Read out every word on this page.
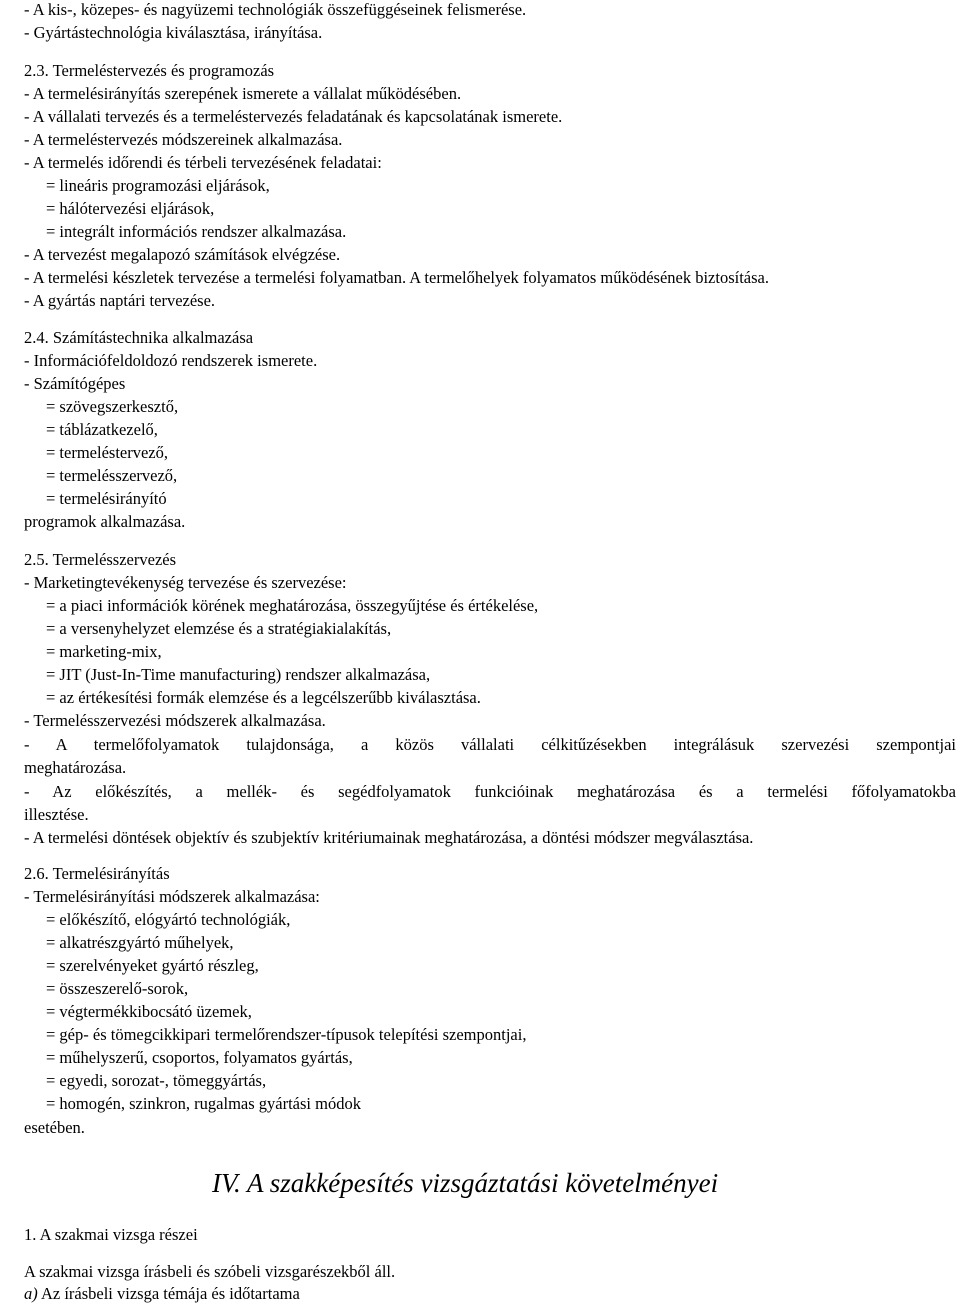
- A kis-, közepes- és nagyüzemi technológiák összefüggéseinek felismerése.
- Gyártástechnológia kiválasztása, irányítása.
2.3. Termeléstervezés és programozás
- A termelésirányítás szerepének ismerete a vállalat működésében.
- A vállalati tervezés és a termeléstervezés feladatának és kapcsolatának ismerete.
- A termeléstervezés módszereinek alkalmazása.
- A termelés időrendi és térbeli tervezésének feladatai:
= lineáris programozási eljárások,
= hálótervezési eljárások,
= integrált információs rendszer alkalmazása.
- A tervezést megalapozó számítások elvégzése.
- A termelési készletek tervezése a termelési folyamatban. A termelőhelyek folyamatos működésének biztosítása.
- A gyártás naptári tervezése.
2.4. Számítástechnika alkalmazása
- Információfeldoldozó rendszerek ismerete.
- Számítógépes
= szövegszerkesztő,
= táblázatkezelő,
= termeléstervező,
= termelésszervező,
= termelésirányító
programok alkalmazása.
2.5. Termelésszervezés
- Marketingtevékenység tervezése és szervezése:
= a piaci információk körének meghatározása, összegyűjtése és értékelése,
= a versenyhelyzet elemzése és a stratégiakialakítás,
= marketing-mix,
= JIT (Just-In-Time manufacturing) rendszer alkalmazása,
= az értékesítési formák elemzése és a legcélszerűbb kiválasztása.
- Termelésszervezési módszerek alkalmazása.
- A termelőfolyamatok tulajdonsága, a közös vállalati célkitűzésekben integrálásuk szervezési szempontjai
meghatározása.
- Az előkészítés, a mellék- és segédfolyamatok funkcióinak meghatározása és a termelési főfolyamatokba
illesztése.
- A termelési döntések objektív és szubjektív kritériumainak meghatározása, a döntési módszer megválasztása.
2.6. Termelésirányítás
- Termelésirányítási módszerek alkalmazása:
= előkészítő, elógyártó technológiák,
= alkatrészgyártó műhelyek,
= szerelvényeket gyártó részleg,
= összeszerelő-sorok,
= végtermékkibocsátó üzemek,
= gép- és tömegcikkipari termelőrendszer-típusok telepítési szempontjai,
= műhelyszerű, csoportos, folyamatos gyártás,
= egyedi, sorozat-, tömeggyártás,
= homogén, szinkron, rugalmas gyártási módok
esetében.
IV. A szakképesítés vizsgáztatási követelményei
1. A szakmai vizsga részei
A szakmai vizsga írásbeli és szóbeli vizsgarészekből áll.
a) Az írásbeli vizsga témája és időtartama
